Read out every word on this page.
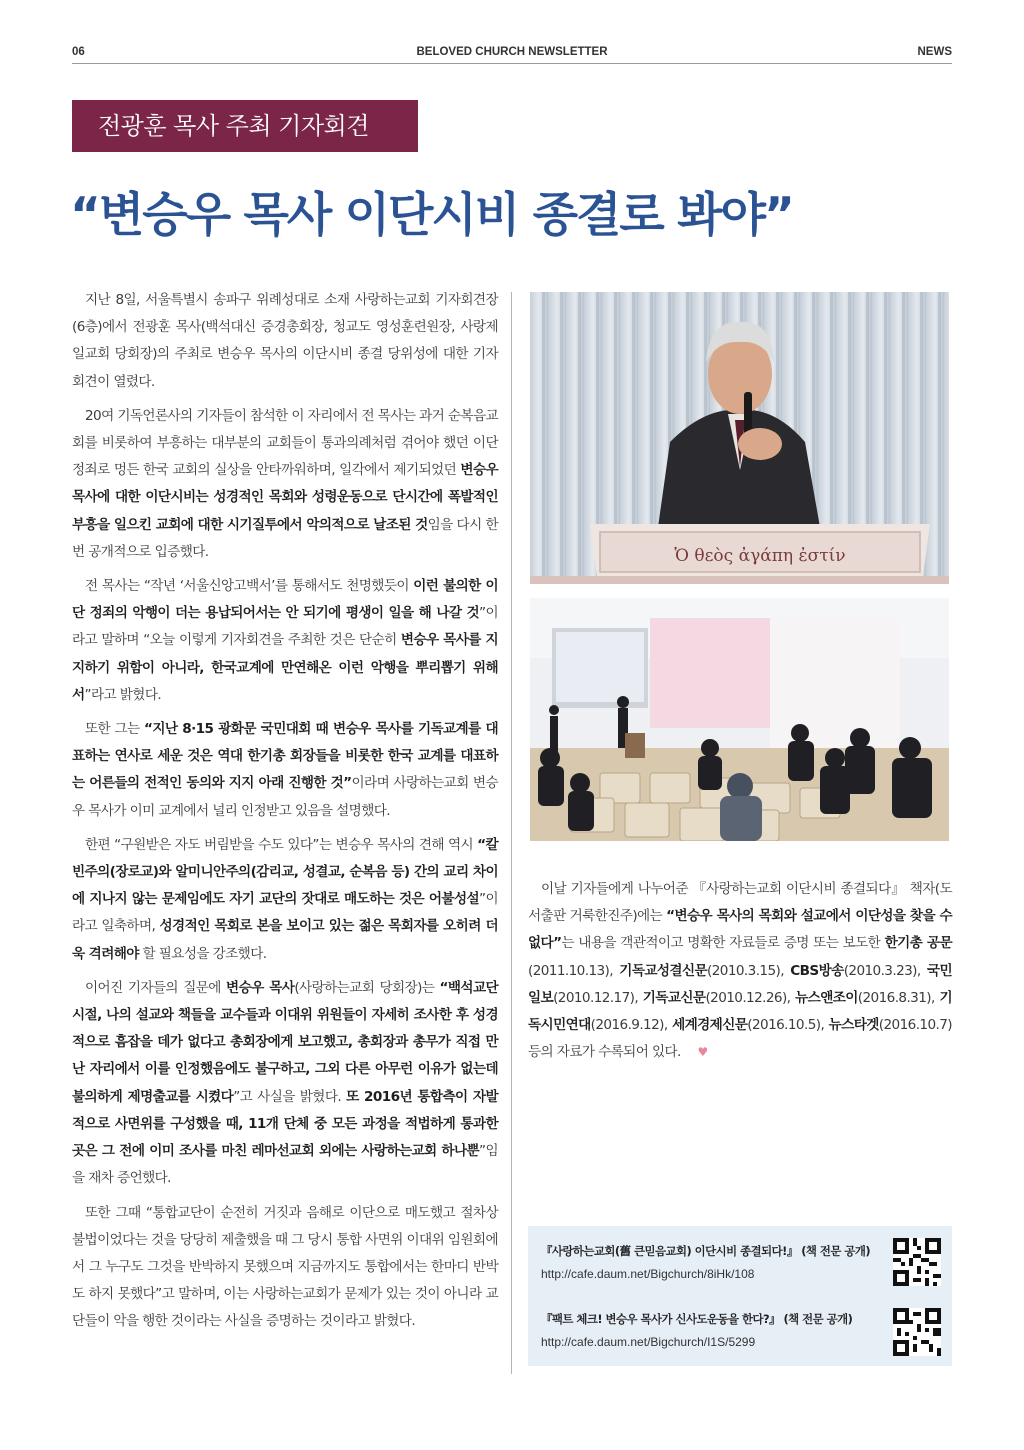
06	BELOVED CHURCH NEWSLETTER	NEWS
전광훈 목사 주최 기자회견
“변승우 목사 이단시비 종결로 봐야”

지난 8일, 서울특별시 송파구 위례성대로 소재 사랑하는교회 기자회견장(6층)에서 전광훈 목사(백석대신 증경총회장, 청교도 영성훈련원장, 사랑제일교회 당회장)의 주최로 변승우 목사의 이단시비 종결 당위성에 대한 기자회견이 열렸다.

20여 기독언론사의 기자들이 참석한 이 자리에서 전 목사는 과거 순복음교회를 비롯하여 부흥하는 대부분의 교회들이 통과의례처럼 겪어야 했던 이단정죄로 멍든 한국 교회의 실상을 안타까워하며, 일각에서 제기되었던 변승우 목사에 대한 이단시비는 성경적인 목회와 성령운동으로 단시간에 폭발적인 부흥을 일으킨 교회에 대한 시기질투에서 악의적으로 날조된 것임을 다시 한 번 공개적으로 입증했다.

전 목사는 “작년 ‘서울신앙고백서’를 통해서도 천명했듯이 이런 불의한 이단 정죄의 악행이 더는 용납되어서는 안 되기에 평생이 일을 해 나갈 것”이라고 말하며 “오늘 이렇게 기자회견을 주최한 것은 단순히 변승우 목사를 지지하기 위함이 아니라, 한국교계에 만연해온 이런 악행을 뿌리뽑기 위해서”라고 밝혔다.

또한 그는 “지난 8·15 광화문 국민대회 때 변승우 목사를 기독교계를 대표하는 연사로 세운 것은 역대 한기총 회장들을 비롯한 한국 교계를 대표하는 어른들의 전적인 동의와 지지 아래 진행한 것”이라며 사랑하는교회 변승우 목사가 이미 교계에서 널리 인정받고 있음을 설명했다.

한편 “구원받은 자도 버림받을 수도 있다”는 변승우 목사의 견해 역시 “칼빈주의(장로교)와 알미니안주의(감리교, 성결교, 순복음 등) 간의 교리 차이에 지나지 않는 문제임에도 자기 교단의 잣대로 매도하는 것은 어불성설”이라고 일축하며, 성경적인 목회로 본을 보이고 있는 젊은 목회자를 오히려 더욱 격려해야 할 필요성을 강조했다.

이어진 기자들의 질문에 변승우 목사(사랑하는교회 당회장)는 “백석교단 시절, 나의 설교와 책들을 교수들과 이대위 위원들이 자세히 조사한 후 성경적으로 흠잡을 데가 없다고 총회장에게 보고했고, 총회장과 총무가 직접 만난 자리에서 이를 인정했음에도 불구하고, 그외 다른 아무런 이유가 없는데 불의하게 제명출교를 시켰다”고 사실을 밝혔다. 또 2016년 통합측이 자발적으로 사면위를 구성했을 때, 11개 단체 중 모든 과정을 적법하게 통과한 곳은 그 전에 이미 조사를 마친 레마선교회 외에는 사랑하는교회 하나뿐”임을 재차 증언했다.

또한 그때 “통합교단이 순전히 거짓과 음해로 이단으로 매도했고 절차상 불법이었다는 것을 당당히 제출했을 때 그 당시 통합 사면위 이대위 임원회에서 그 누구도 그것을 반박하지 못했으며 지금까지도 통합에서는 한마디 반박도 하지 못했다”고 말하며, 이는 사랑하는교회가 문제가 있는 것이 아니라 교단들이 악을 행한 것이라는 사실을 증명하는 것이라고 밝혔다.

Ὁ θεὸς ἀγάπη ἐστίν

이날 기자들에게 나누어준 『사랑하는교회 이단시비 종결되다』 책자(도서출판 거룩한진주)에는 “변승우 목사의 목회와 설교에서 이단성을 찾을 수 없다”는 내용을 객관적이고 명확한 자료들로 증명 또는 보도한 한기총 공문(2011.10.13), 기독교성결신문(2010.3.15), CBS방송(2010.3.23), 국민일보(2010.12.17), 기독교신문(2010.12.26), 뉴스앤조이(2016.8.31), 기독시민연대(2016.9.12), 세계경제신문(2016.10.5), 뉴스타겟(2016.10.7) 등의 자료가 수록되어 있다. ♥

『사랑하는교회(舊 큰믿음교회) 이단시비 종결되다!』 (책 전문 공개)
http://cafe.daum.net/Bigchurch/8iHk/108
『팩트 체크! 변승우 목사가 신사도운동을 한다?』 (책 전문 공개)
http://cafe.daum.net/Bigchurch/I1S/5299
